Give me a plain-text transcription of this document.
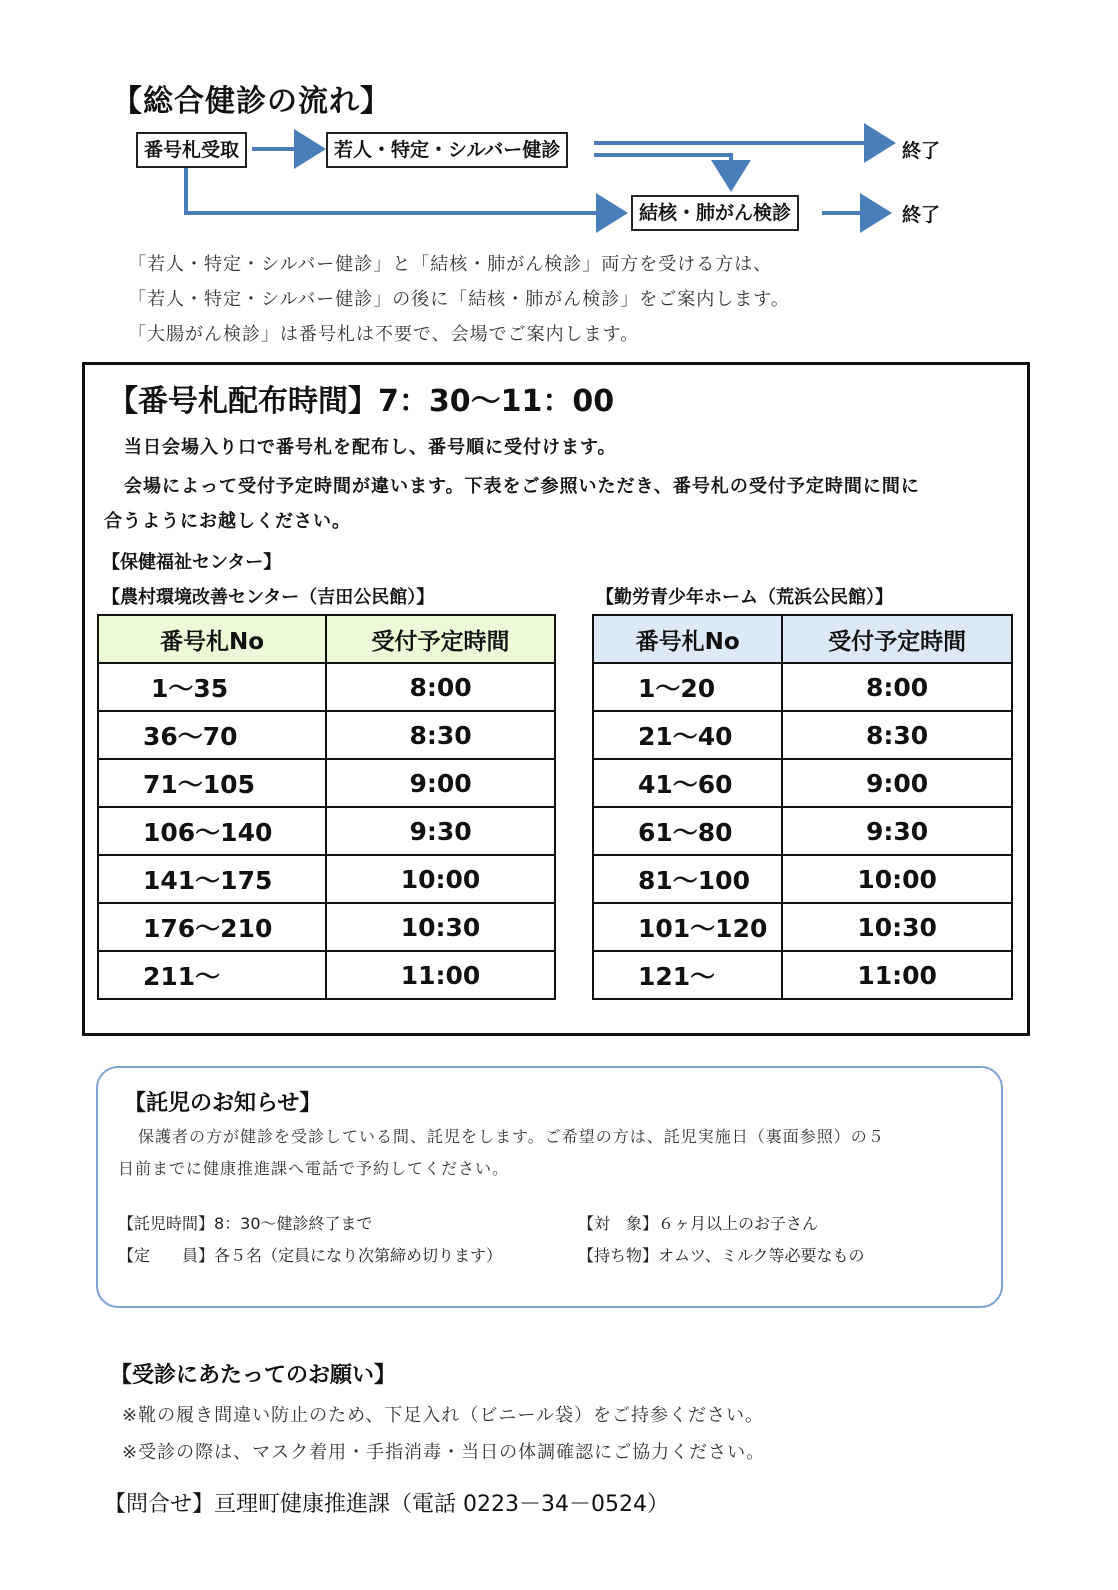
【総合健診の流れ】
番号札受取	若人・特定・シルバー健診
結核・肺がん検診
終了
終了
「若人・特定・シルバー健診」と「結核・肺がん検診」両方を受ける方は、
「若人・特定・シルバー健診」の後に「結核・肺がん検診」をご案内します。
「大腸がん検診」は番号札は不要で、会場でご案内します。
【番号札配布時間】7：30～11：00
当日会場入り口で番号札を配布し、番号順に受付けます。
会場によって受付予定時間が違います。下表をご参照いただき、番号札の受付予定時間に間に
合うようにお越しください。
【保健福祉センター】
【農村環境改善センター（吉田公民館）】	【勤労青少年ホーム（荒浜公民館）】
番号札No	受付予定時間
1～35	8:00
36～70	8:30
71～105	9:00
106～140	9:30
141～175	10:00
176～210	10:30
211～	11:00
番号札No	受付予定時間
1～20	8:00
21～40	8:30
41～60	9:00
61～80	9:30
81～100	10:00
101～120	10:30
121～	11:00
【託児のお知らせ】
保護者の方が健診を受診している間、託児をします。ご希望の方は、託児実施日（裏面参照）の５
日前までに健康推進課へ電話で予約してください。
【託児時間】8：30～健診終了まで	【対　象】６ヶ月以上のお子さん
【定　　員】各５名（定員になり次第締め切ります）	【持ち物】オムツ、ミルク等必要なもの
【受診にあたってのお願い】
※靴の履き間違い防止のため、下足入れ（ビニール袋）をご持参ください。
※受診の際は、マスク着用・手指消毒・当日の体調確認にご協力ください。
【問合せ】亘理町健康推進課（電話 0223－34－0524）
